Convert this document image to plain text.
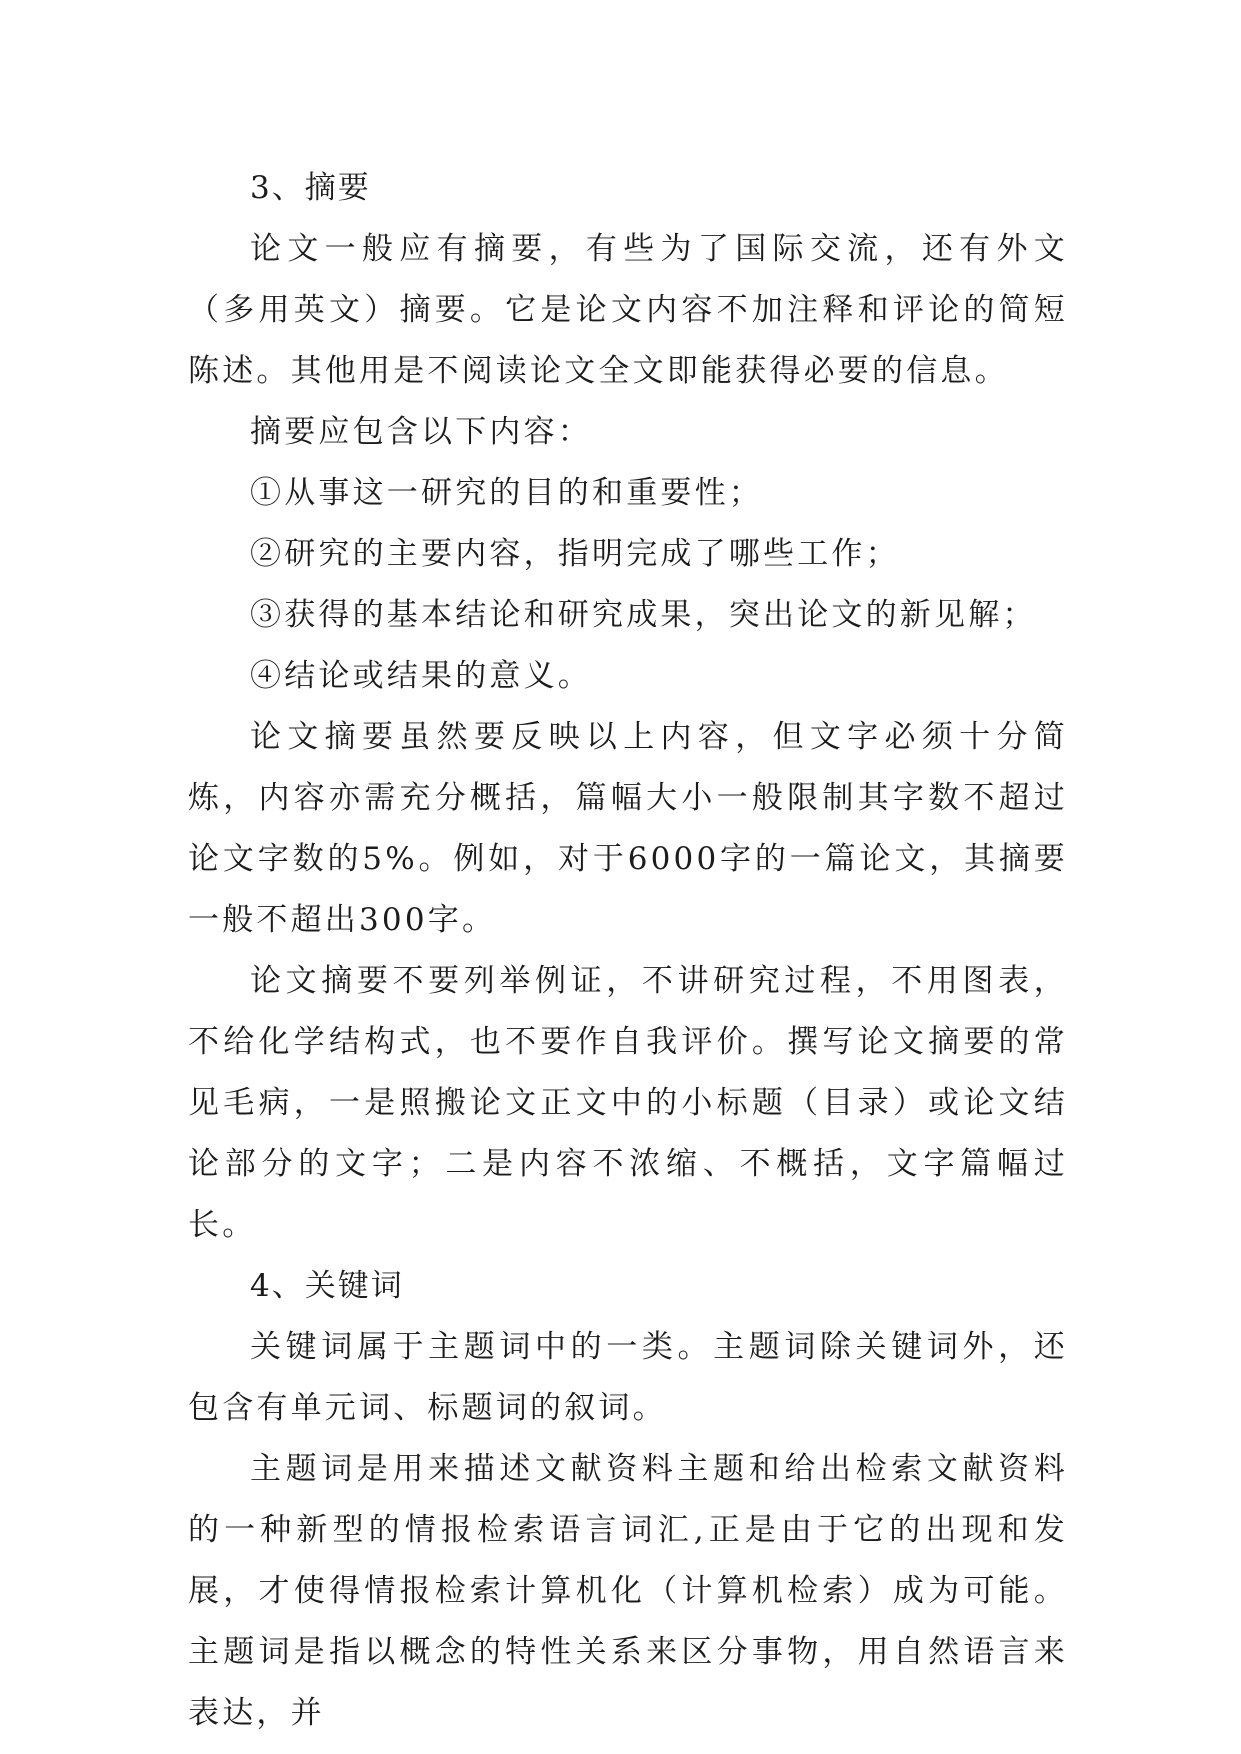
3、摘要

论文一般应有摘要，有些为了国际交流，还有外文（多用英文）摘要。它是论文内容不加注释和评论的简短陈述。其他用是不阅读论文全文即能获得必要的信息。

摘要应包含以下内容：

①从事这一研究的目的和重要性；

②研究的主要内容，指明完成了哪些工作；

③获得的基本结论和研究成果，突出论文的新见解；

④结论或结果的意义。

论文摘要虽然要反映以上内容，但文字必须十分简炼，内容亦需充分概括，篇幅大小一般限制其字数不超过论文字数的5%。例如，对于6000字的一篇论文，其摘要一般不超出300字。

论文摘要不要列举例证，不讲研究过程，不用图表，不给化学结构式，也不要作自我评价。撰写论文摘要的常见毛病，一是照搬论文正文中的小标题（目录）或论文结论部分的文字；二是内容不浓缩、不概括，文字篇幅过长。

4、关键词

关键词属于主题词中的一类。主题词除关键词外，还包含有单元词、标题词的叙词。

主题词是用来描述文献资料主题和给出检索文献资料的一种新型的情报检索语言词汇,正是由于它的出现和发展，才使得情报检索计算机化（计算机检索）成为可能。主题词是指以概念的特性关系来区分事物，用自然语言来表达，并
